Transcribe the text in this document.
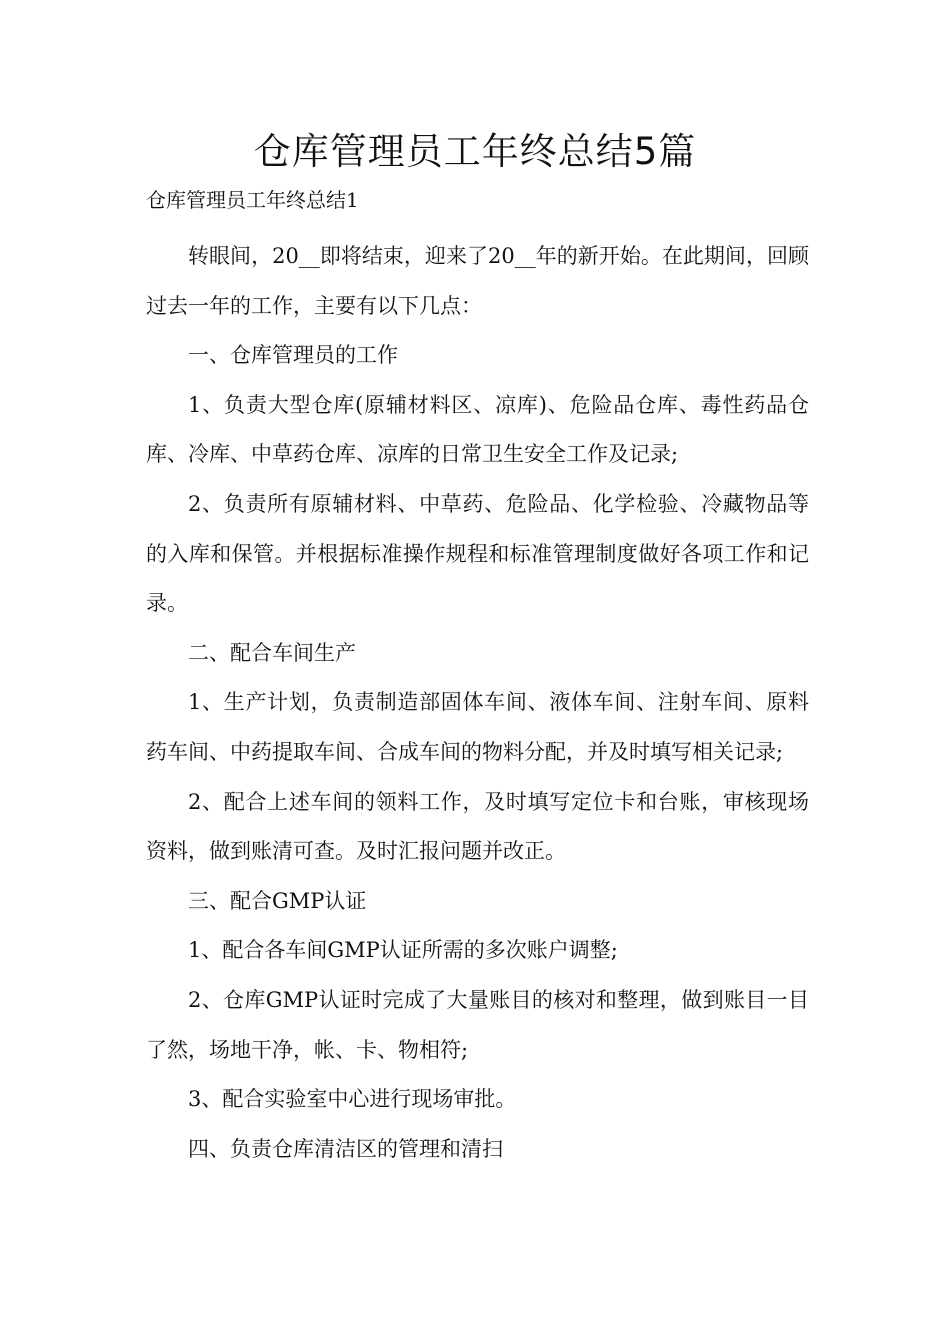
仓库管理员工年终总结5篇

仓库管理员工年终总结1

转眼间，20__即将结束，迎来了20__年的新开始。在此期间，回顾过去一年的工作，主要有以下几点：

一、仓库管理员的工作

1、负责大型仓库(原辅材料区、凉库)、危险品仓库、毒性药品仓库、冷库、中草药仓库、凉库的日常卫生安全工作及记录;

2、负责所有原辅材料、中草药、危险品、化学检验、冷藏物品等的入库和保管。并根据标准操作规程和标准管理制度做好各项工作和记录。

二、配合车间生产

1、生产计划，负责制造部固体车间、液体车间、注射车间、原料药车间、中药提取车间、合成车间的物料分配，并及时填写相关记录;

2、配合上述车间的领料工作，及时填写定位卡和台账，审核现场资料，做到账清可查。及时汇报问题并改正。

三、配合GMP认证

1、配合各车间GMP认证所需的多次账户调整;

2、仓库GMP认证时完成了大量账目的核对和整理，做到账目一目了然，场地干净，帐、卡、物相符;

3、配合实验室中心进行现场审批。

四、负责仓库清洁区的管理和清扫
